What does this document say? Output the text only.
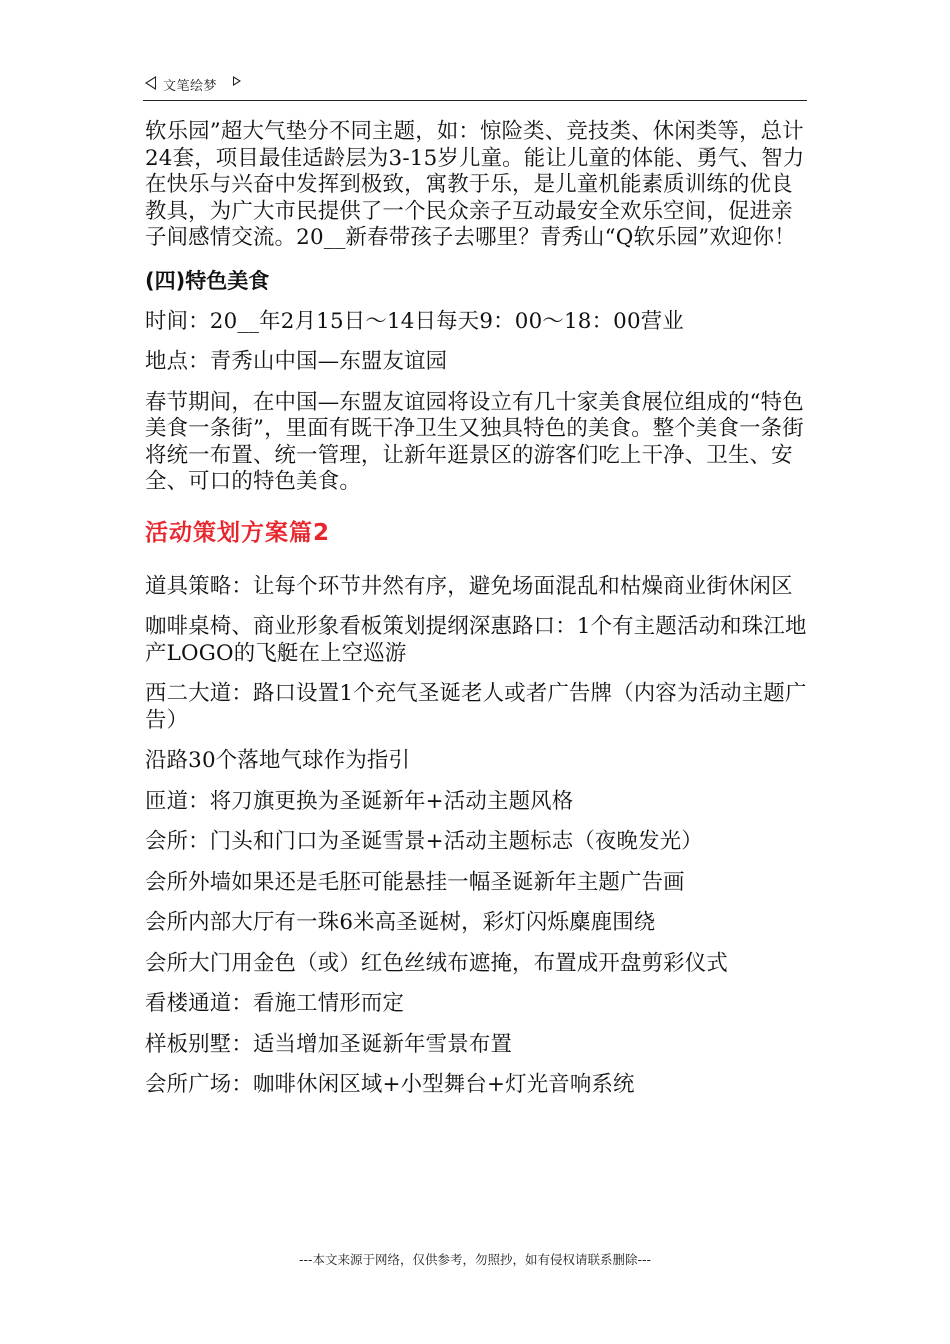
文笔绘梦

软乐园”超大气垫分不同主题，如：惊险类、竞技类、休闲类等，总计24套，项目最佳适龄层为3-15岁儿童。能让儿童的体能、勇气、智力在快乐与兴奋中发挥到极致，寓教于乐，是儿童机能素质训练的优良教具，为广大市民提供了一个民众亲子互动最安全欢乐空间，促进亲子间感情交流。20__新春带孩子去哪里？青秀山“Q软乐园”欢迎你！

(四)特色美食

时间：20__年2月15日～14日每天9：00～18：00营业

地点：青秀山中国—东盟友谊园

春节期间，在中国—东盟友谊园将设立有几十家美食展位组成的“特色美食一条街”，里面有既干净卫生又独具特色的美食。整个美食一条街将统一布置、统一管理，让新年逛景区的游客们吃上干净、卫生、安全、可口的特色美食。

活动策划方案篇2

道具策略：让每个环节井然有序，避免场面混乱和枯燥商业街休闲区

咖啡桌椅、商业形象看板策划提纲深惠路口：1个有主题活动和珠江地产LOGO的飞艇在上空巡游

西二大道：路口设置1个充气圣诞老人或者广告牌（内容为活动主题广告）

沿路30个落地气球作为指引

匝道：将刀旗更换为圣诞新年+活动主题风格

会所：门头和门口为圣诞雪景+活动主题标志（夜晚发光）

会所外墙如果还是毛胚可能悬挂一幅圣诞新年主题广告画

会所内部大厅有一珠6米高圣诞树，彩灯闪烁麋鹿围绕

会所大门用金色（或）红色丝绒布遮掩，布置成开盘剪彩仪式

看楼通道：看施工情形而定

样板别墅：适当增加圣诞新年雪景布置

会所广场：咖啡休闲区域+小型舞台+灯光音响系统

---本文来源于网络，仅供参考，勿照抄，如有侵权请联系删除---
